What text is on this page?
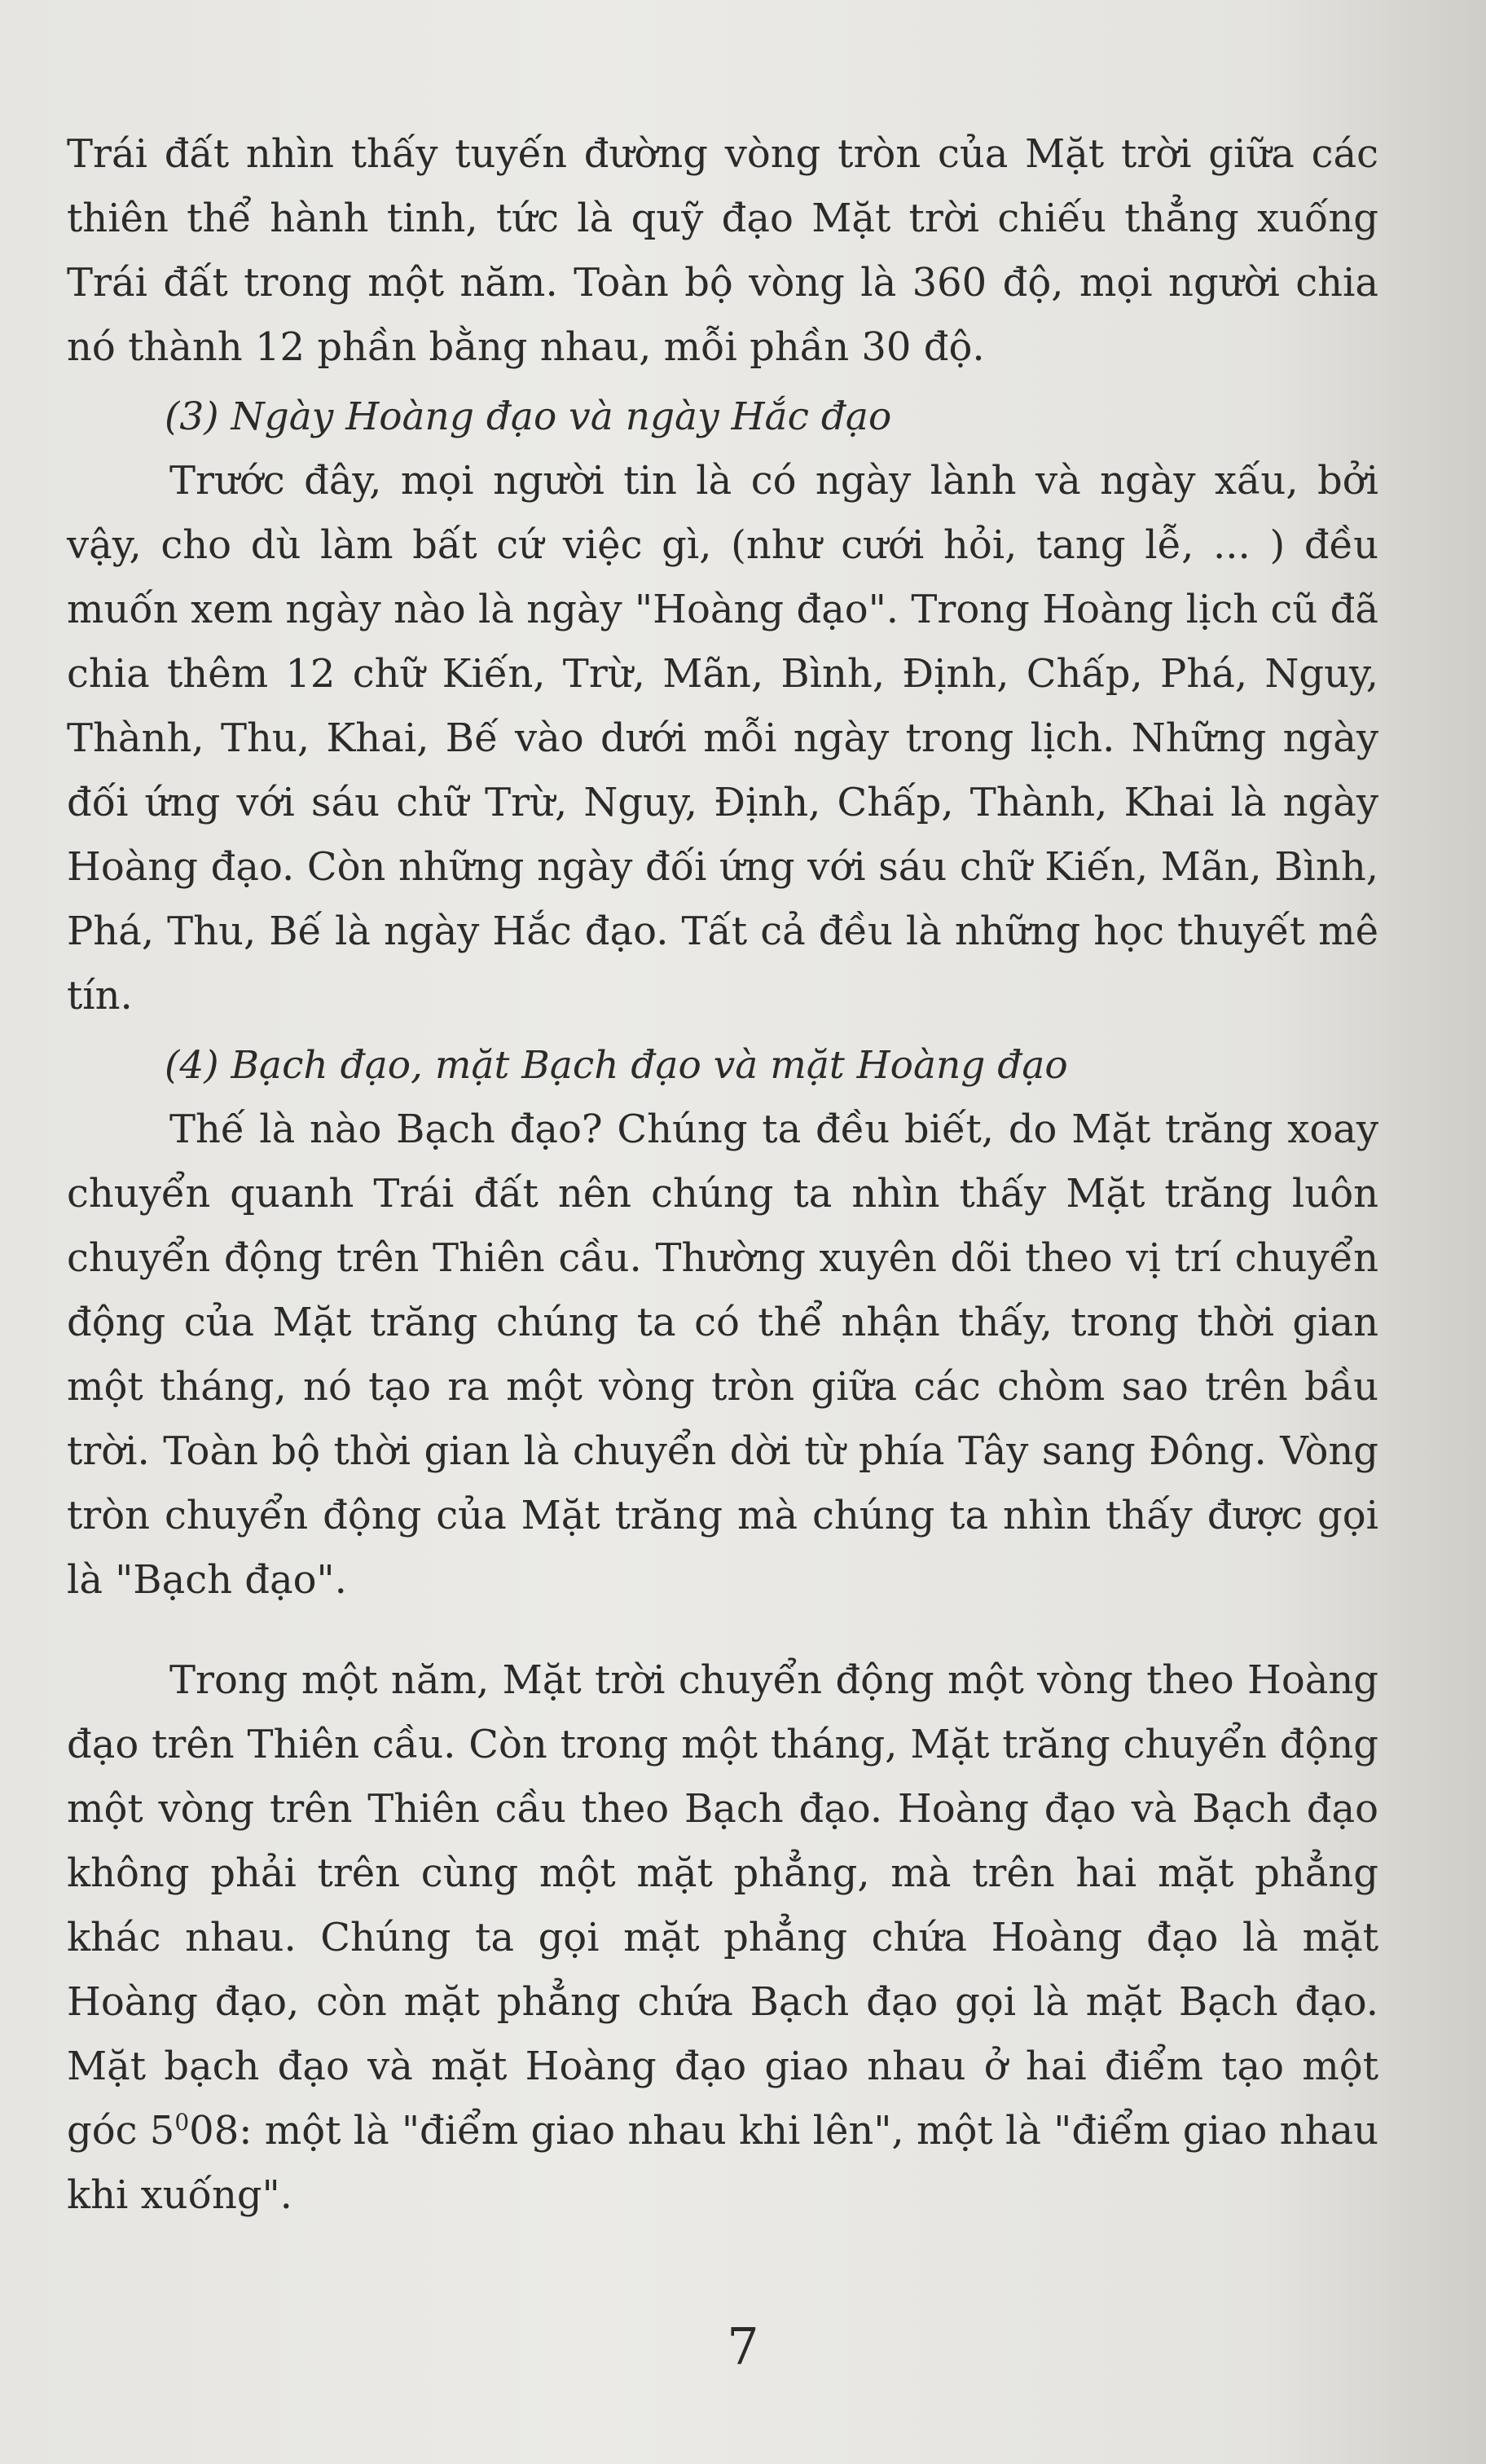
Trái đất nhìn thấy tuyến đường vòng tròn của Mặt trời giữa các thiên thể hành tinh, tức là quỹ đạo Mặt trời chiếu thẳng xuống Trái đất trong một năm. Toàn bộ vòng là 360 độ, mọi người chia nó thành 12 phần bằng nhau, mỗi phần 30 độ.

(3) Ngày Hoàng đạo và ngày Hắc đạo

Trước đây, mọi người tin là có ngày lành và ngày xấu, bởi vậy, cho dù làm bất cứ việc gì, (như cưới hỏi, tang lễ, ... ) đều muốn xem ngày nào là ngày "Hoàng đạo". Trong Hoàng lịch cũ đã chia thêm 12 chữ Kiến, Trừ, Mãn, Bình, Định, Chấp, Phá, Nguy, Thành, Thu, Khai, Bế vào dưới mỗi ngày trong lịch. Những ngày đối ứng với sáu chữ Trừ, Nguy, Định, Chấp, Thành, Khai là ngày Hoàng đạo. Còn những ngày đối ứng với sáu chữ Kiến, Mãn, Bình, Phá, Thu, Bế là ngày Hắc đạo. Tất cả đều là những học thuyết mê tín.

(4) Bạch đạo, mặt Bạch đạo và mặt Hoàng đạo

Thế là nào Bạch đạo? Chúng ta đều biết, do Mặt trăng xoay chuyển quanh Trái đất nên chúng ta nhìn thấy Mặt trăng luôn chuyển động trên Thiên cầu. Thường xuyên dõi theo vị trí chuyển động của Mặt trăng chúng ta có thể nhận thấy, trong thời gian một tháng, nó tạo ra một vòng tròn giữa các chòm sao trên bầu trời. Toàn bộ thời gian là chuyển dời từ phía Tây sang Đông. Vòng tròn chuyển động của Mặt trăng mà chúng ta nhìn thấy được gọi là "Bạch đạo".

Trong một năm, Mặt trời chuyển động một vòng theo Hoàng đạo trên Thiên cầu. Còn trong một tháng, Mặt trăng chuyển động một vòng trên Thiên cầu theo Bạch đạo. Hoàng đạo và Bạch đạo không phải trên cùng một mặt phẳng, mà trên hai mặt phẳng khác nhau. Chúng ta gọi mặt phẳng chứa Hoàng đạo là mặt Hoàng đạo, còn mặt phẳng chứa Bạch đạo gọi là mặt Bạch đạo. Mặt bạch đạo và mặt Hoàng đạo giao nhau ở hai điểm tạo một góc $5^008$: một là "điểm giao nhau khi lên", một là "điểm giao nhau khi xuống".

7
